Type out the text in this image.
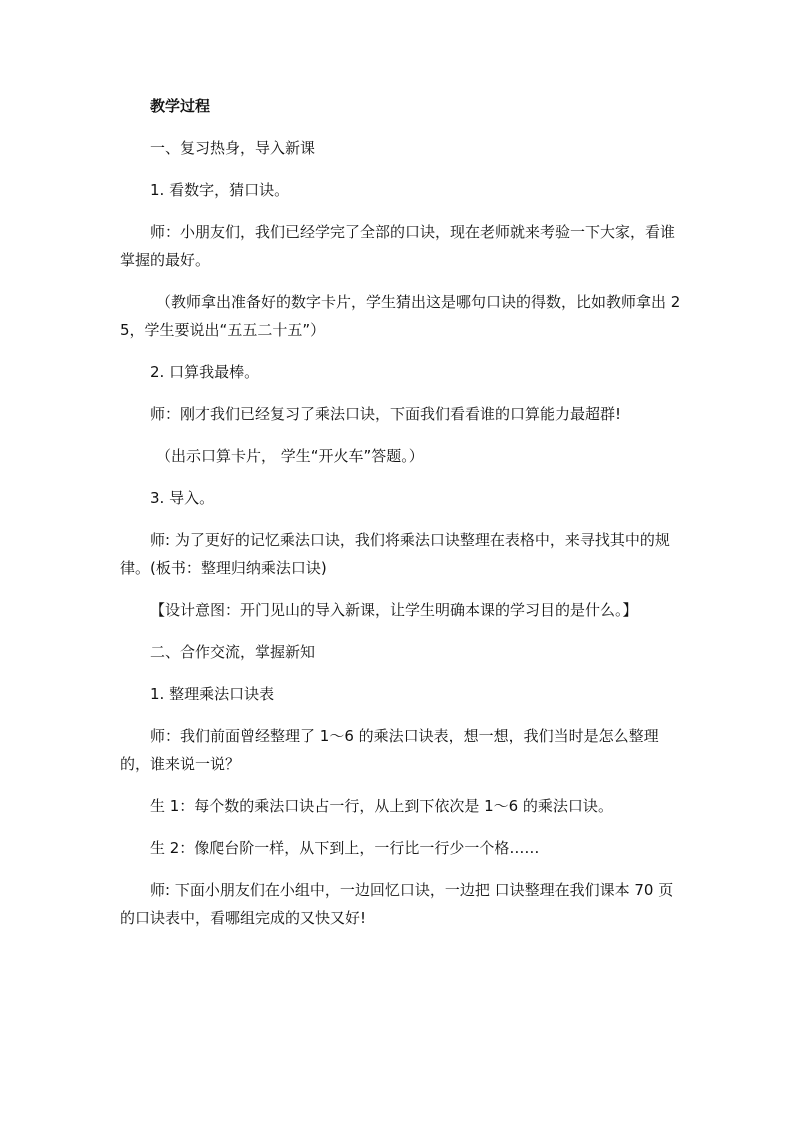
教学过程

一、复习热身，导入新课

1. 看数字，猜口诀。

师：小朋友们，我们已经学完了全部的口诀，现在老师就来考验一下大家，看谁掌握的最好。

（教师拿出准备好的数字卡片，学生猜出这是哪句口诀的得数，比如教师拿出 25，学生要说出“五五二十五”）

2. 口算我最棒。

师：刚才我们已经复习了乘法口诀，下面我们看看谁的口算能力最超群!

（出示口算卡片， 学生“开火车”答题。）

3. 导入。

师: 为了更好的记忆乘法口诀，我们将乘法口诀整理在表格中，来寻找其中的规律。(板书：整理归纳乘法口诀)

【设计意图：开门见山的导入新课，让学生明确本课的学习目的是什么。】

二、合作交流，掌握新知

1. 整理乘法口诀表

师：我们前面曾经整理了 1～6 的乘法口诀表，想一想，我们当时是怎么整理的，谁来说一说？

生 1：每个数的乘法口诀占一行，从上到下依次是 1～6 的乘法口诀。

生 2：像爬台阶一样，从下到上，一行比一行少一个格……

师: 下面小朋友们在小组中，一边回忆口诀，一边把 口诀整理在我们课本 70 页的口诀表中，看哪组完成的又快又好!
